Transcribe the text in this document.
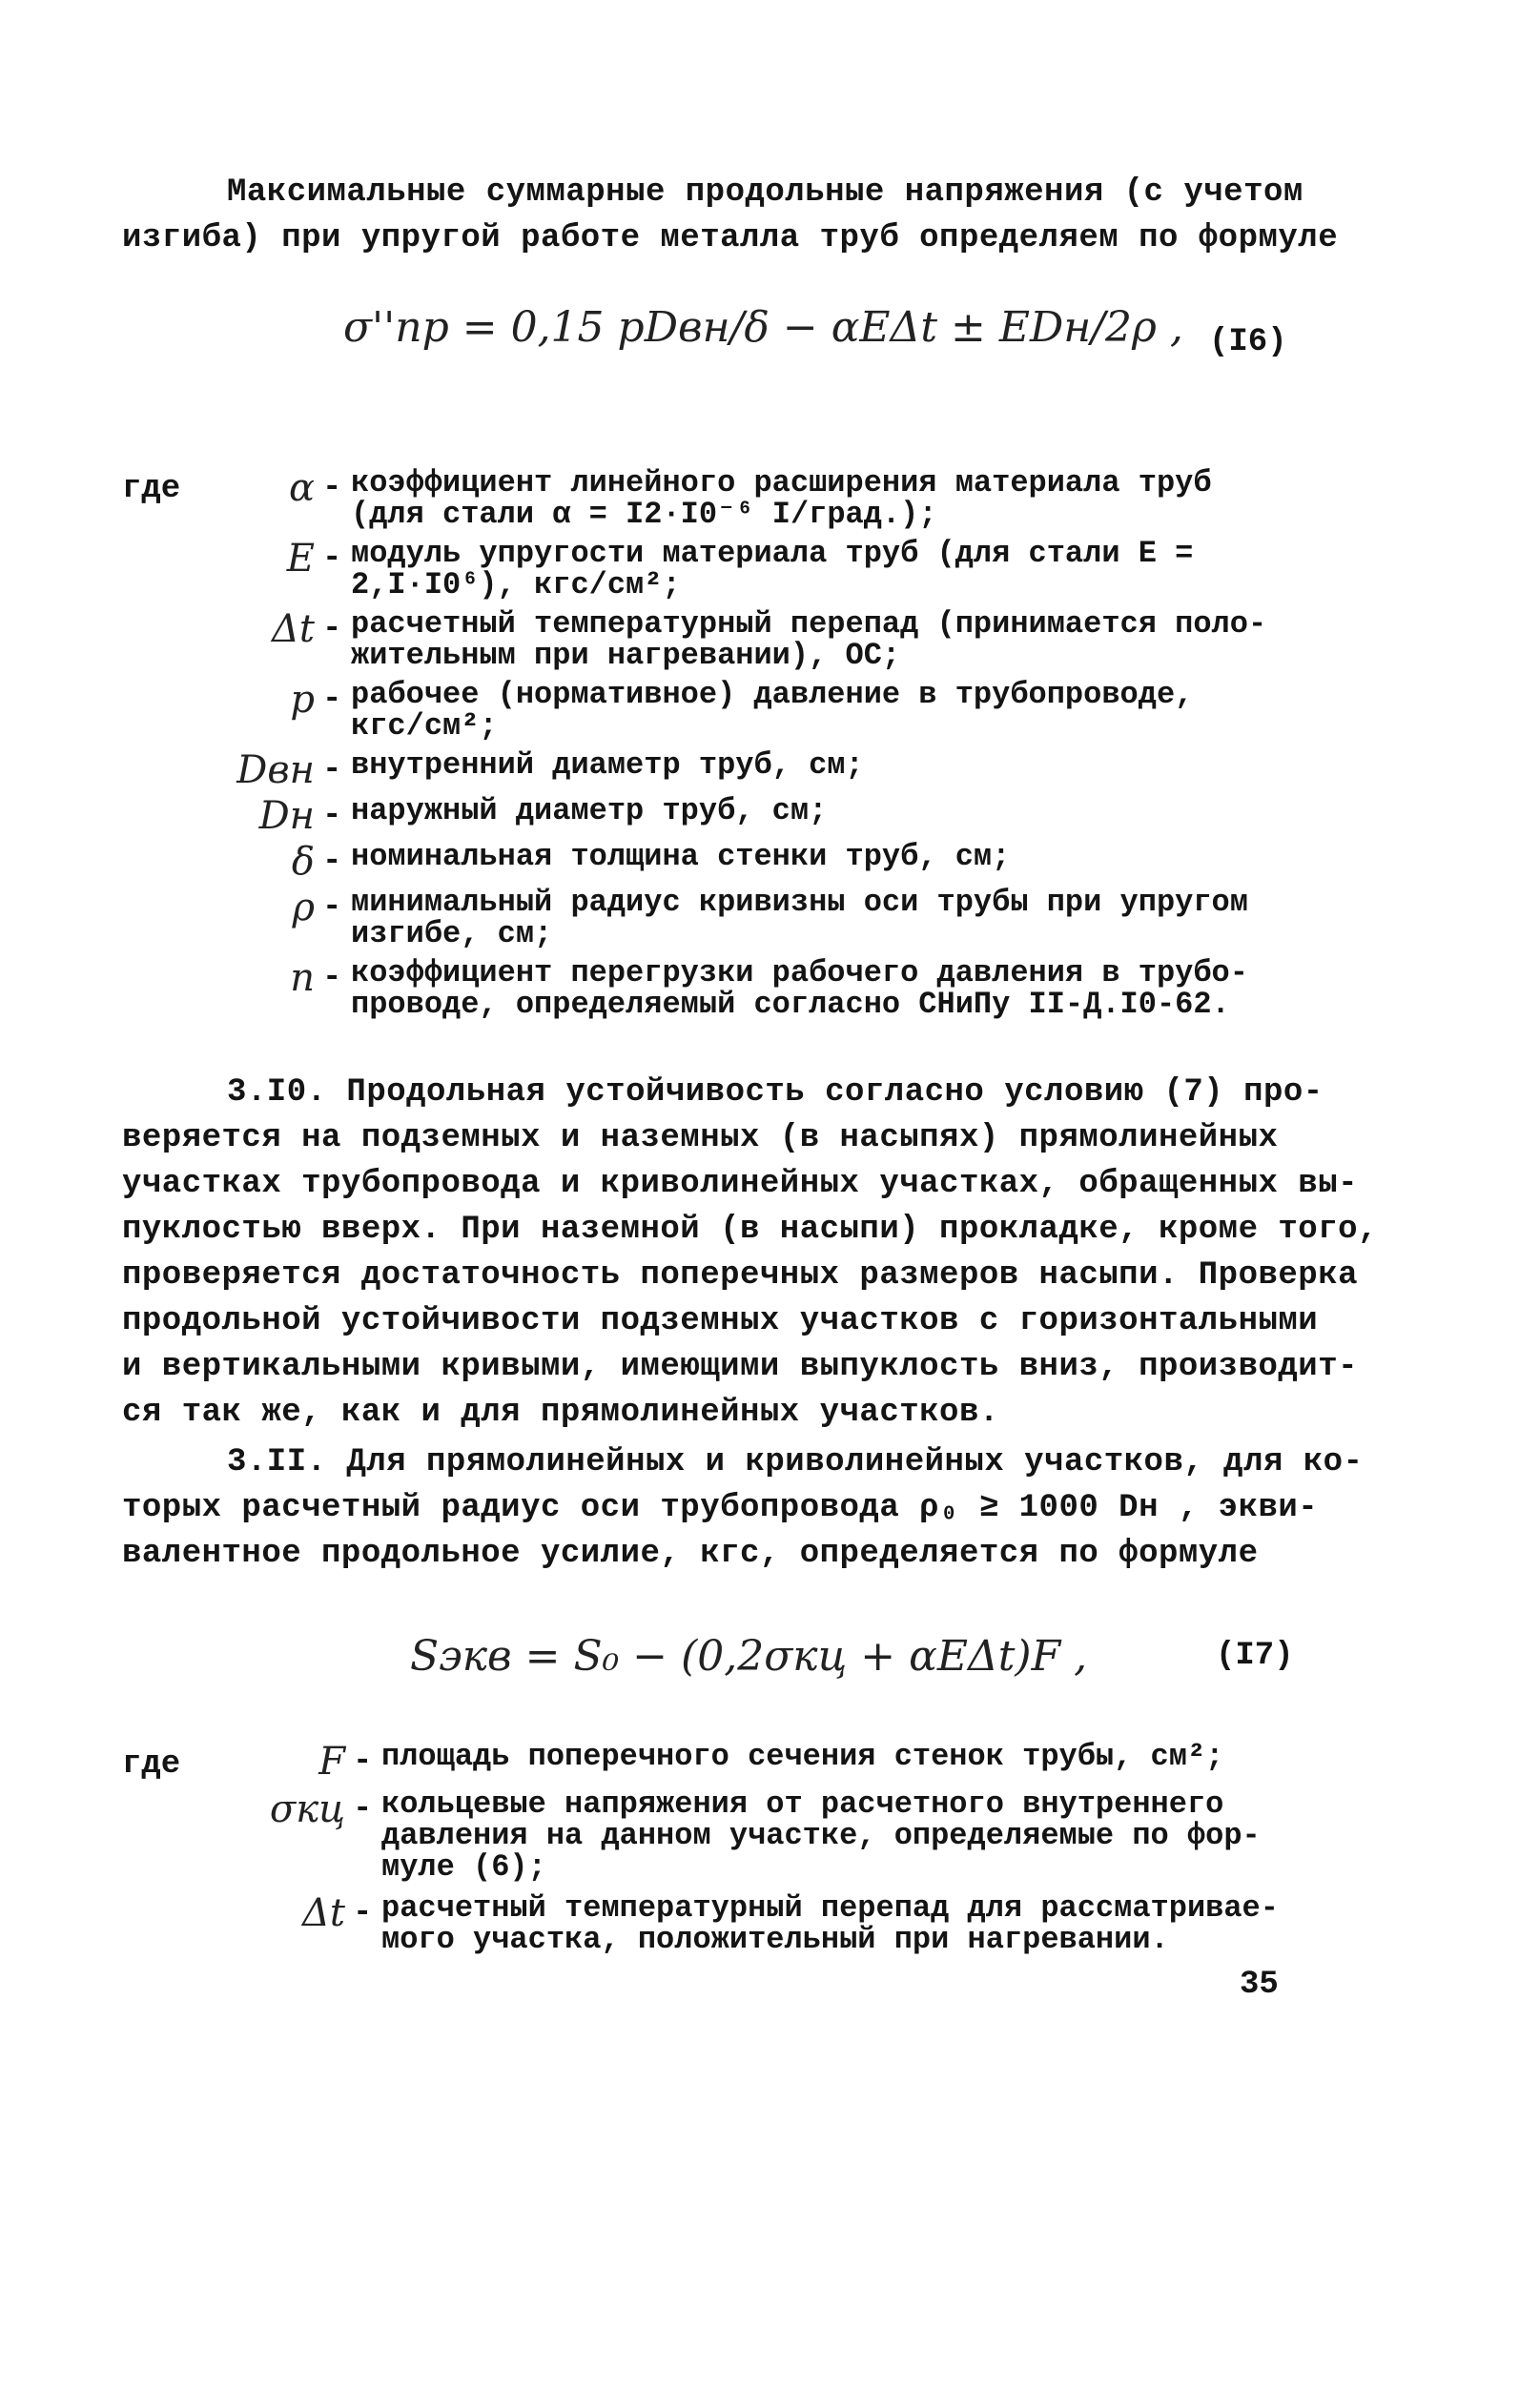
Максимальные суммарные продольные напряжения (с учетом
изгиба) при упругой работе металла труб определяем по формуле
σ''пр = 0,15 pDвн/δ − αEΔt ± EDн/2ρ , (I6)
где	α - коэффициент линейного расширения материала труб
(для стали α = I2·I0⁻⁶ I/град.);
E - модуль упругости материала труб (для стали E =
2,I·I0⁶), кгс/см²;
Δt - расчетный температурный перепад (принимается поло-
жительным при нагревании), ОС;
p - рабочее (нормативное) давление в трубопроводе,
кгс/см²;
Dвн - внутренний диаметр труб, см;
Dн - наружный диаметр труб, см;
δ - номинальная толщина стенки труб, см;
ρ - минимальный радиус кривизны оси трубы при упругом
изгибе, см;
n - коэффициент перегрузки рабочего давления в трубо-
проводе, определяемый согласно СНиПу II-Д.I0-62.
3.I0. Продольная устойчивость согласно условию (7) про-
веряется на подземных и наземных (в насыпях) прямолинейных
участках трубопровода и криволинейных участках, обращенных вы-
пуклостью вверх. При наземной (в насыпи) прокладке, кроме того,
проверяется достаточность поперечных размеров насыпи. Проверка
продольной устойчивости подземных участков с горизонтальными
и вертикальными кривыми, имеющими выпуклость вниз, производит-
ся так же, как и для прямолинейных участков.
3.II. Для прямолинейных и криволинейных участков, для ко-
торых расчетный радиус оси трубопровода ρ₀ ≥ 1000 Dн , экви-
валентное продольное усилие, кгс, определяется по формуле
Sэкв = S₀ − (0,2σкц + αEΔt)F ,	(I7)
где	F - площадь поперечного сечения стенок трубы, см²;
σкц - кольцевые напряжения от расчетного внутреннего
давления на данном участке, определяемые по фор-
муле (6);
Δt - расчетный температурный перепад для рассматривае-
мого участка, положительный при нагревании.
35
